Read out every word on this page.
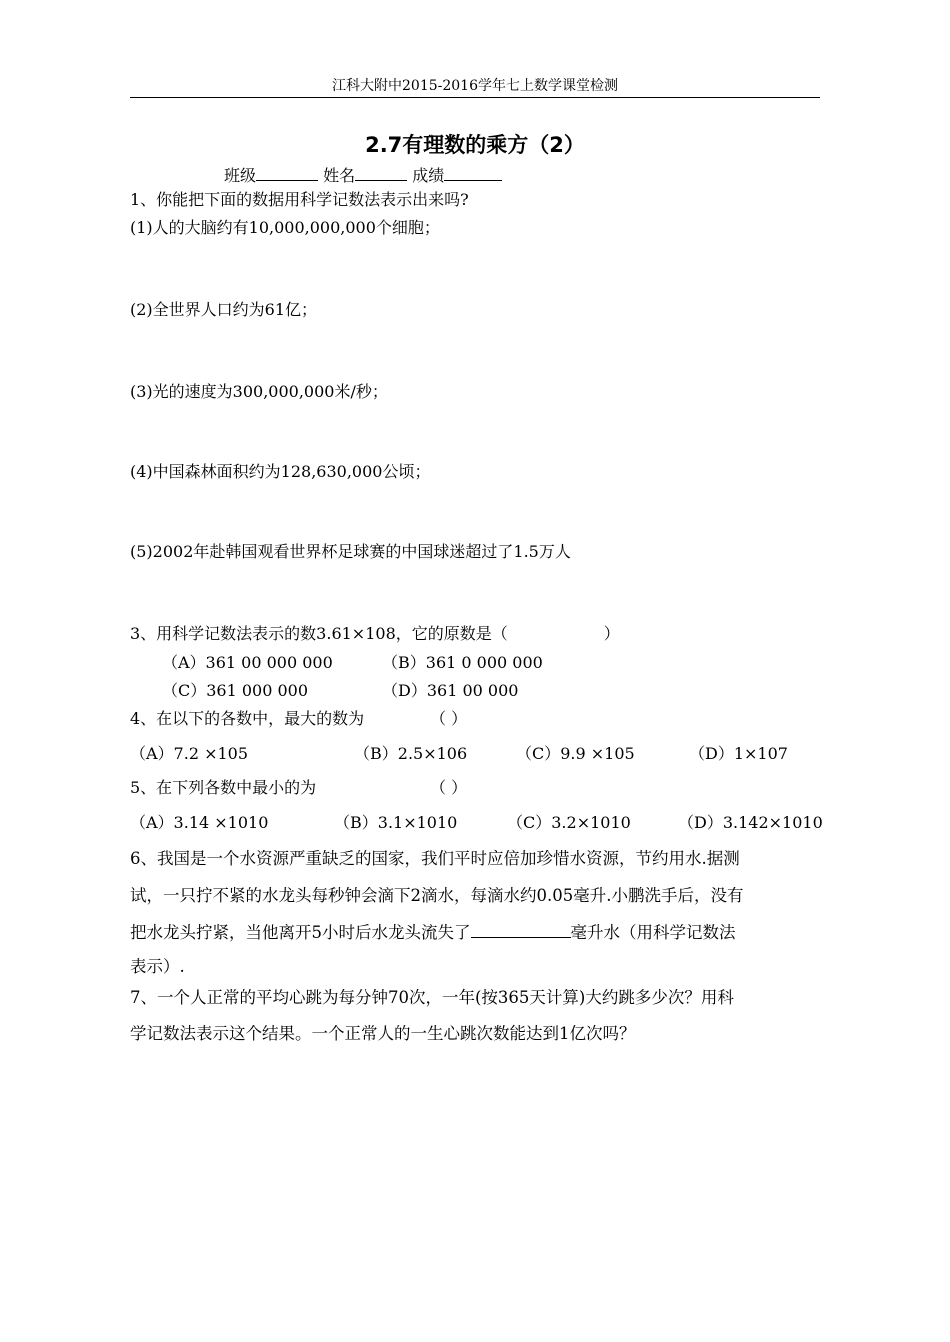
江科大附中2015-2016学年七上数学课堂检测
2.7有理数的乘方（2）
班级	姓名	成绩
1、你能把下面的数据用科学记数法表示出来吗?
(1)人的大脑约有10,000,000,000个细胞；
(2)全世界人口约为61亿；
(3)光的速度为300,000,000米/秒；
(4)中国森林面积约为128,630,000公顷；
(5)2002年赴韩国观看世界杯足球赛的中国球迷超过了1.5万人
3、用科学记数法表示的数3.61×108，它的原数是（	）
（A）361 00 000 000	（B）361 0 000 000
（C）361 000 000	（D）361 00 000
4、在以下的各数中，最大的数为	（ ）
（A）7.2 ×105	（B）2.5×106	（C）9.9 ×105	（D）1×107
5、在下列各数中最小的为	（ ）
（A）3.14 ×1010	（B）3.1×1010	（C）3.2×1010	（D）3.142×1010
6、我国是一个水资源严重缺乏的国家，我们平时应倍加珍惜水资源，节约用水.据测
试，一只拧不紧的水龙头每秒钟会滴下2滴水，每滴水约0.05毫升.小鹏洗手后，没有
把水龙头拧紧，当他离开5小时后水龙头流失了	毫升水（用科学记数法
表示）.
7、一个人正常的平均心跳为每分钟70次，一年(按365天计算)大约跳多少次？用科
学记数法表示这个结果。一个正常人的一生心跳次数能达到1亿次吗？
